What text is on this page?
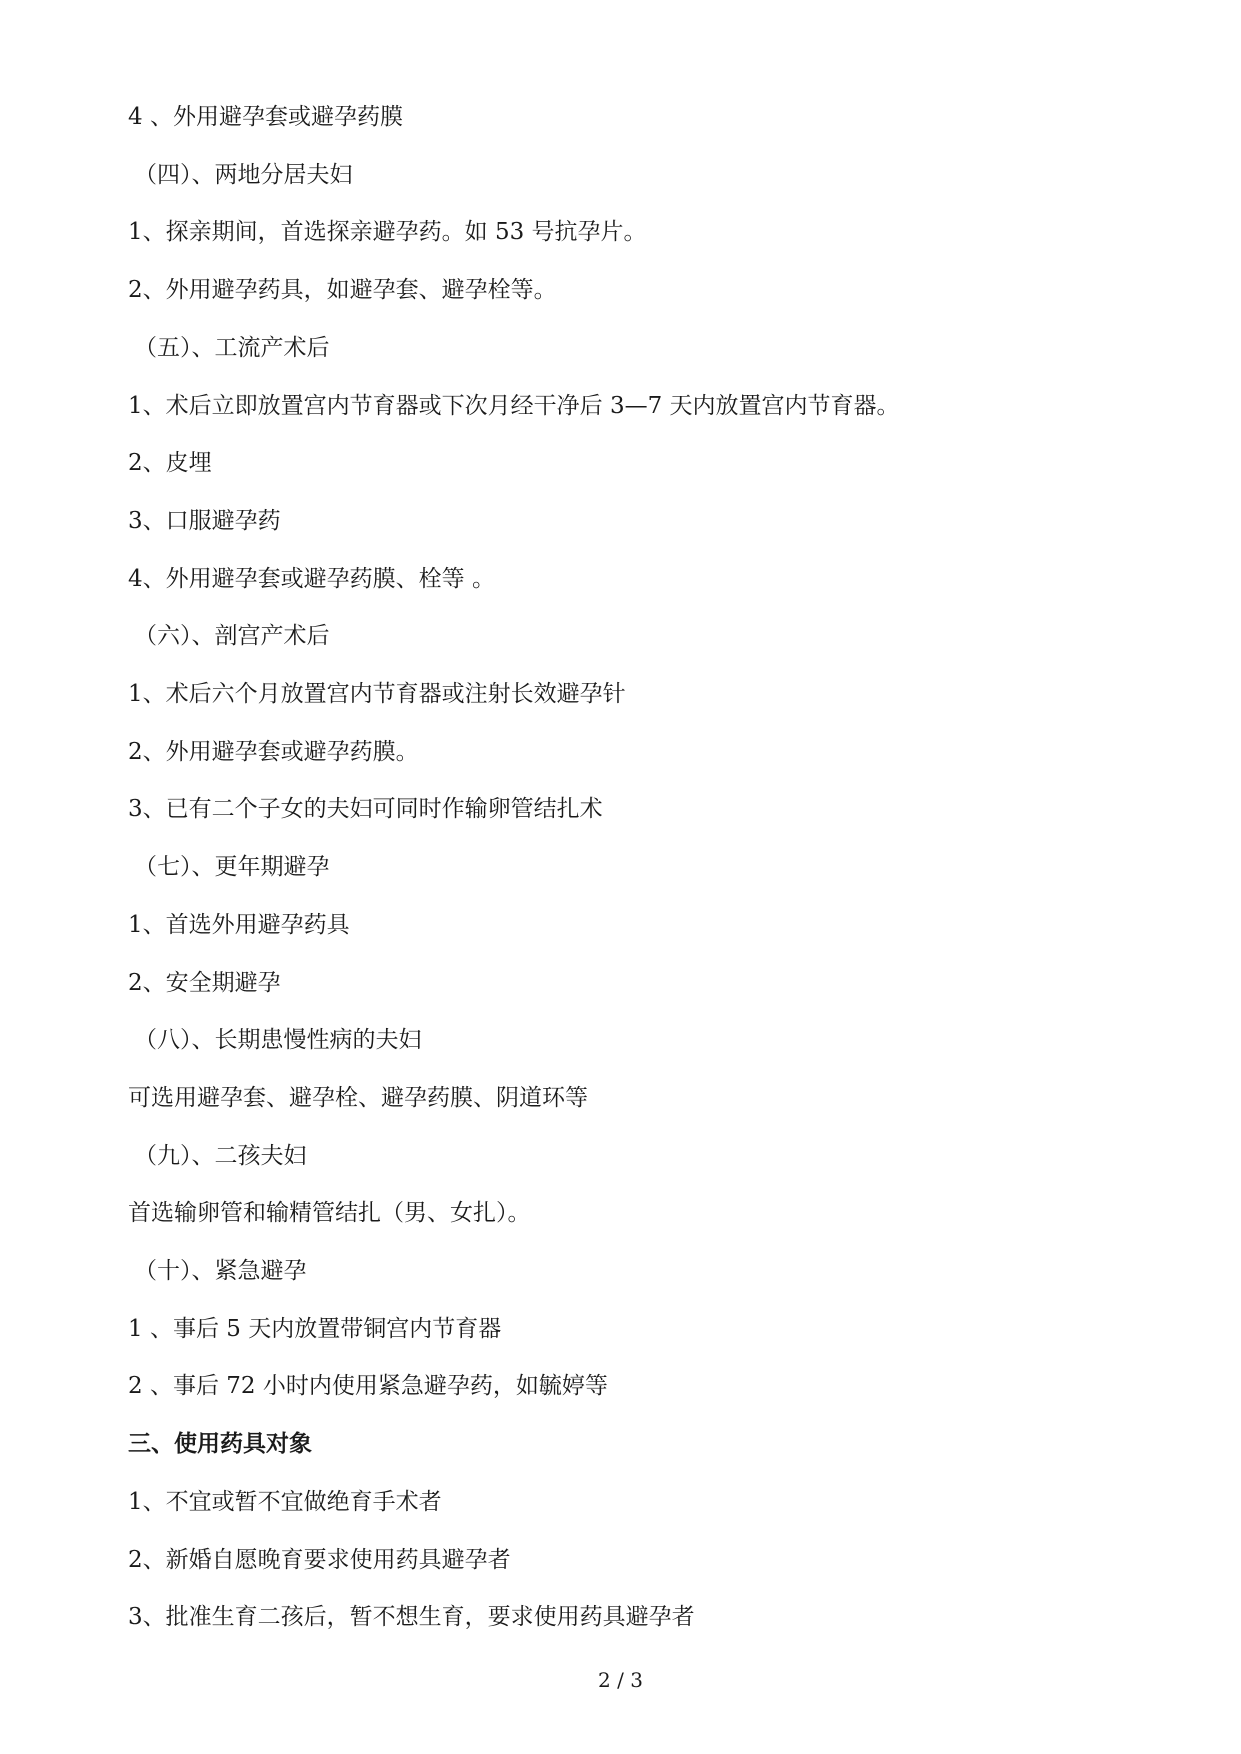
4 、外用避孕套或避孕药膜
（四）、两地分居夫妇
1、探亲期间，首选探亲避孕药。如 53 号抗孕片。
2、外用避孕药具，如避孕套、避孕栓等。
（五）、工流产术后
1、术后立即放置宫内节育器或下次月经干净后 3—7 天内放置宫内节育器。
2、皮埋
3、口服避孕药
4、外用避孕套或避孕药膜、栓等 。
（六）、剖宫产术后
1、术后六个月放置宫内节育器或注射长效避孕针
2、外用避孕套或避孕药膜。
3、已有二个子女的夫妇可同时作输卵管结扎术
（七）、更年期避孕
1、首选外用避孕药具
2、安全期避孕
（八）、长期患慢性病的夫妇
可选用避孕套、避孕栓、避孕药膜、阴道环等
（九）、二孩夫妇
首选输卵管和输精管结扎（男、女扎）。
（十）、紧急避孕
1 、事后 5 天内放置带铜宫内节育器
2 、事后 72 小时内使用紧急避孕药，如毓婷等
三、使用药具对象
1、不宜或暂不宜做绝育手术者
2、新婚自愿晚育要求使用药具避孕者
3、批准生育二孩后，暂不想生育，要求使用药具避孕者
2 / 3
